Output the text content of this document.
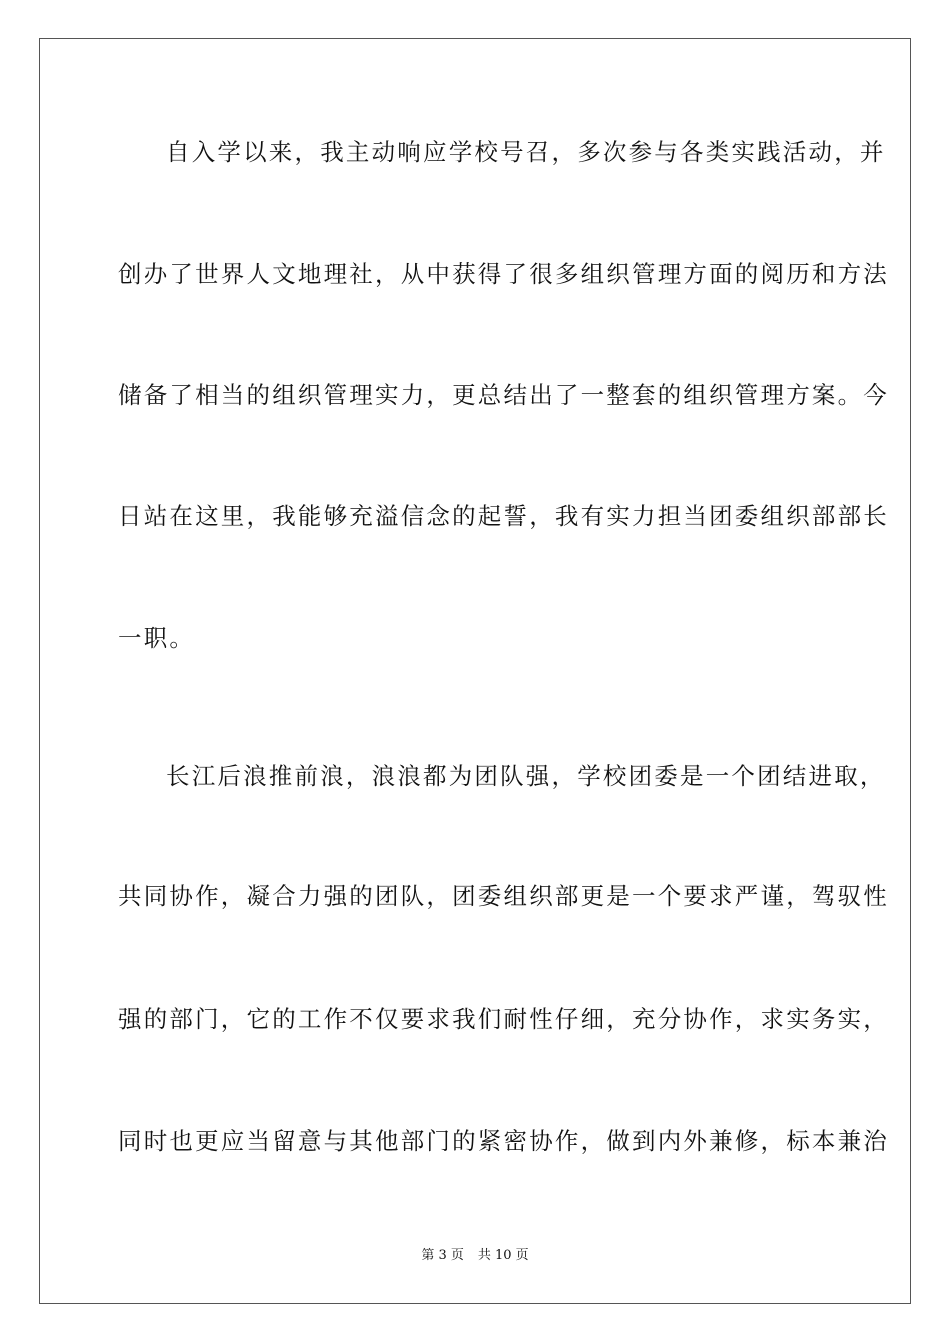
自入学以来，我主动响应学校号召，多次参与各类实践活动，并
创办了世界人文地理社，从中获得了很多组织管理方面的阅历和方法
储备了相当的组织管理实力，更总结出了一整套的组织管理方案。今
日站在这里，我能够充溢信念的起誓，我有实力担当团委组织部部长
一职。
长江后浪推前浪，浪浪都为团队强，学校团委是一个团结进取，
共同协作，凝合力强的团队，团委组织部更是一个要求严谨，驾驭性
强的部门，它的工作不仅要求我们耐性仔细，充分协作，求实务实，
同时也更应当留意与其他部门的紧密协作，做到内外兼修，标本兼治
第 3 页 共 10 页
